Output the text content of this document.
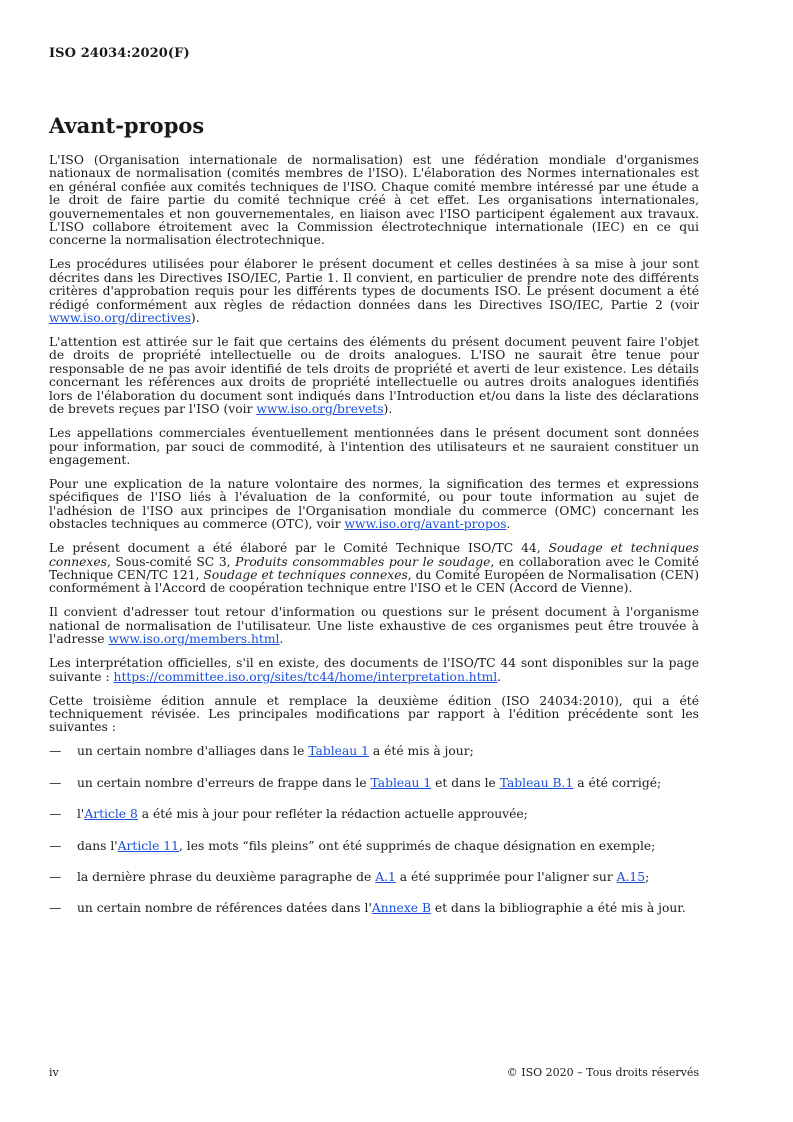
ISO 24034:2020(F)
Avant-propos

L'ISO (Organisation internationale de normalisation) est une fédération mondiale d'organismes nationaux de normalisation (comités membres de l'ISO). L'élaboration des Normes internationales est en général confiée aux comités techniques de l'ISO. Chaque comité membre intéressé par une étude a le droit de faire partie du comité technique créé à cet effet. Les organisations internationales, gouvernementales et non gouvernementales, en liaison avec l'ISO participent également aux travaux. L'ISO collabore étroitement avec la Commission électrotechnique internationale (IEC) en ce qui concerne la normalisation électrotechnique.

Les procédures utilisées pour élaborer le présent document et celles destinées à sa mise à jour sont décrites dans les Directives ISO/IEC, Partie 1. Il convient, en particulier de prendre note des différents critères d'approbation requis pour les différents types de documents ISO. Le présent document a été rédigé conformément aux règles de rédaction données dans les Directives ISO/IEC, Partie 2 (voir www.iso.org/directives).

L'attention est attirée sur le fait que certains des éléments du présent document peuvent faire l'objet de droits de propriété intellectuelle ou de droits analogues. L'ISO ne saurait être tenue pour responsable de ne pas avoir identifié de tels droits de propriété et averti de leur existence. Les détails concernant les références aux droits de propriété intellectuelle ou autres droits analogues identifiés lors de l'élaboration du document sont indiqués dans l'Introduction et/ou dans la liste des déclarations de brevets reçues par l'ISO (voir www.iso.org/brevets).

Les appellations commerciales éventuellement mentionnées dans le présent document sont données pour information, par souci de commodité, à l'intention des utilisateurs et ne sauraient constituer un engagement.

Pour une explication de la nature volontaire des normes, la signification des termes et expressions spécifiques de l'ISO liés à l'évaluation de la conformité, ou pour toute information au sujet de l'adhésion de l'ISO aux principes de l'Organisation mondiale du commerce (OMC) concernant les obstacles techniques au commerce (OTC), voir www.iso.org/avant-propos.

Le présent document a été élaboré par le Comité Technique ISO/TC 44, Soudage et techniques connexes, Sous-comité SC 3, Produits consommables pour le soudage, en collaboration avec le Comité Technique CEN/TC 121, Soudage et techniques connexes, du Comité Européen de Normalisation (CEN) conformément à l'Accord de coopération technique entre l'ISO et le CEN (Accord de Vienne).

Il convient d'adresser tout retour d'information ou questions sur le présent document à l'organisme national de normalisation de l'utilisateur. Une liste exhaustive de ces organismes peut être trouvée à l'adresse www.iso.org/members.html.

Les interprétation officielles, s'il en existe, des documents de l'ISO/TC 44 sont disponibles sur la page suivante : https://committee.iso.org/sites/tc44/home/interpretation.html.

Cette troisième édition annule et remplace la deuxième édition (ISO 24034:2010), qui a été techniquement révisée. Les principales modifications par rapport à l'édition précédente sont les suivantes :

—	un certain nombre d'alliages dans le Tableau 1 a été mis à jour;
—	un certain nombre d'erreurs de frappe dans le Tableau 1 et dans le Tableau B.1 a été corrigé;
—	l'Article 8 a été mis à jour pour refléter la rédaction actuelle approuvée;
—	dans l'Article 11, les mots “fils pleins” ont été supprimés de chaque désignation en exemple;
—	la dernière phrase du deuxième paragraphe de A.1 a été supprimée pour l'aligner sur A.15;
—	un certain nombre de références datées dans l'Annexe B et dans la bibliographie a été mis à jour.
iv	© ISO 2020 – Tous droits réservés
